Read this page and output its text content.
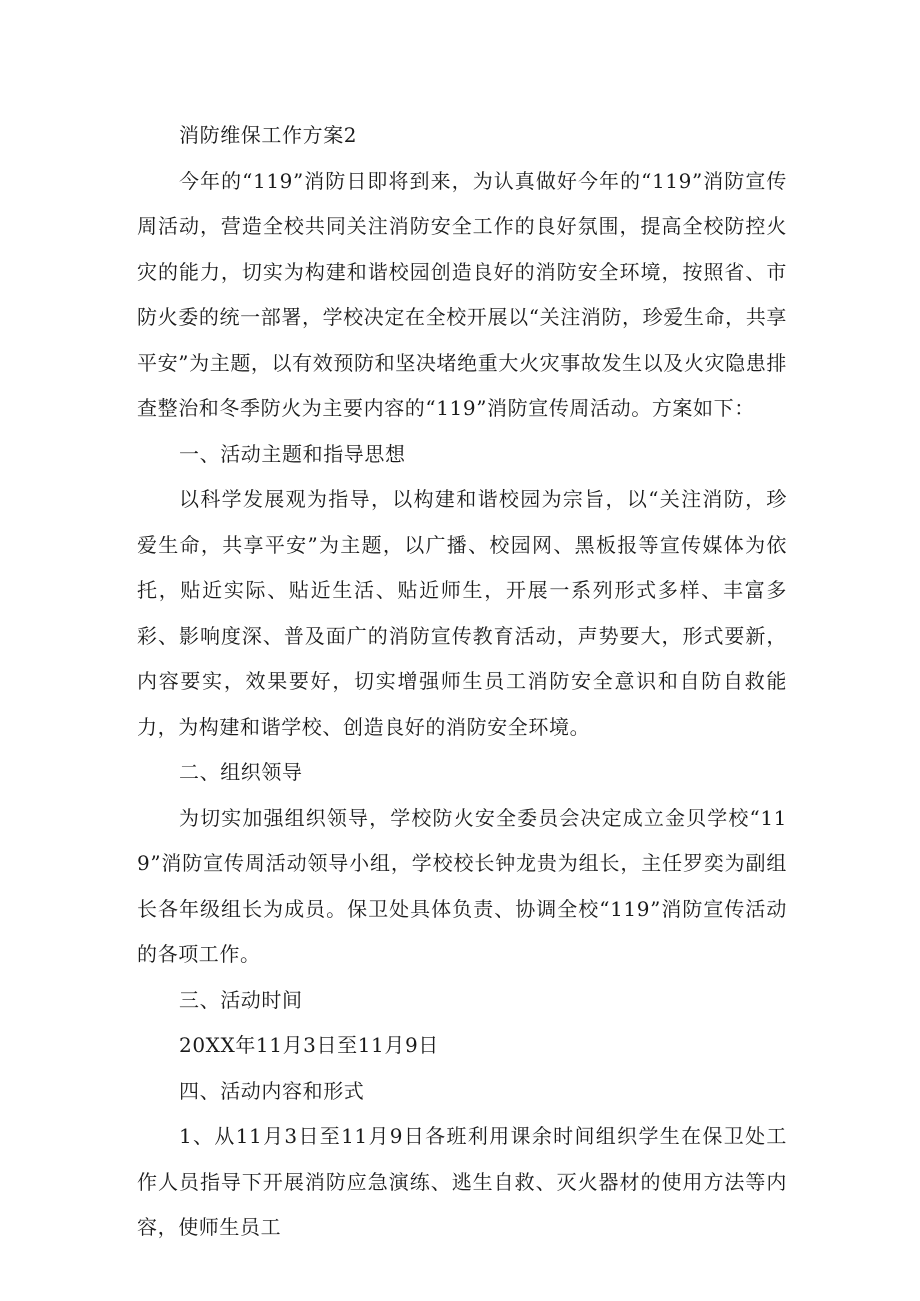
消防维保工作方案2

今年的“119”消防日即将到来，为认真做好今年的“119”消防宣传周活动，营造全校共同关注消防安全工作的良好氛围，提高全校防控火灾的能力，切实为构建和谐校园创造良好的消防安全环境，按照省、市防火委的统一部署，学校决定在全校开展以“关注消防，珍爱生命，共享平安”为主题，以有效预防和坚决堵绝重大火灾事故发生以及火灾隐患排查整治和冬季防火为主要内容的“119”消防宣传周活动。方案如下：

一、活动主题和指导思想

以科学发展观为指导，以构建和谐校园为宗旨，以“关注消防，珍爱生命，共享平安”为主题，以广播、校园网、黑板报等宣传媒体为依托，贴近实际、贴近生活、贴近师生，开展一系列形式多样、丰富多彩、影响度深、普及面广的消防宣传教育活动，声势要大，形式要新，内容要实，效果要好，切实增强师生员工消防安全意识和自防自救能力，为构建和谐学校、创造良好的消防安全环境。

二、组织领导

为切实加强组织领导，学校防火安全委员会决定成立金贝学校“119”消防宣传周活动领导小组，学校校长钟龙贵为组长，主任罗奕为副组长各年级组长为成员。保卫处具体负责、协调全校“119”消防宣传活动的各项工作。

三、活动时间

20XX年11月3日至11月9日

四、活动内容和形式

1、从11月3日至11月9日各班利用课余时间组织学生在保卫处工作人员指导下开展消防应急演练、逃生自救、灭火器材的使用方法等内容，使师生员工
